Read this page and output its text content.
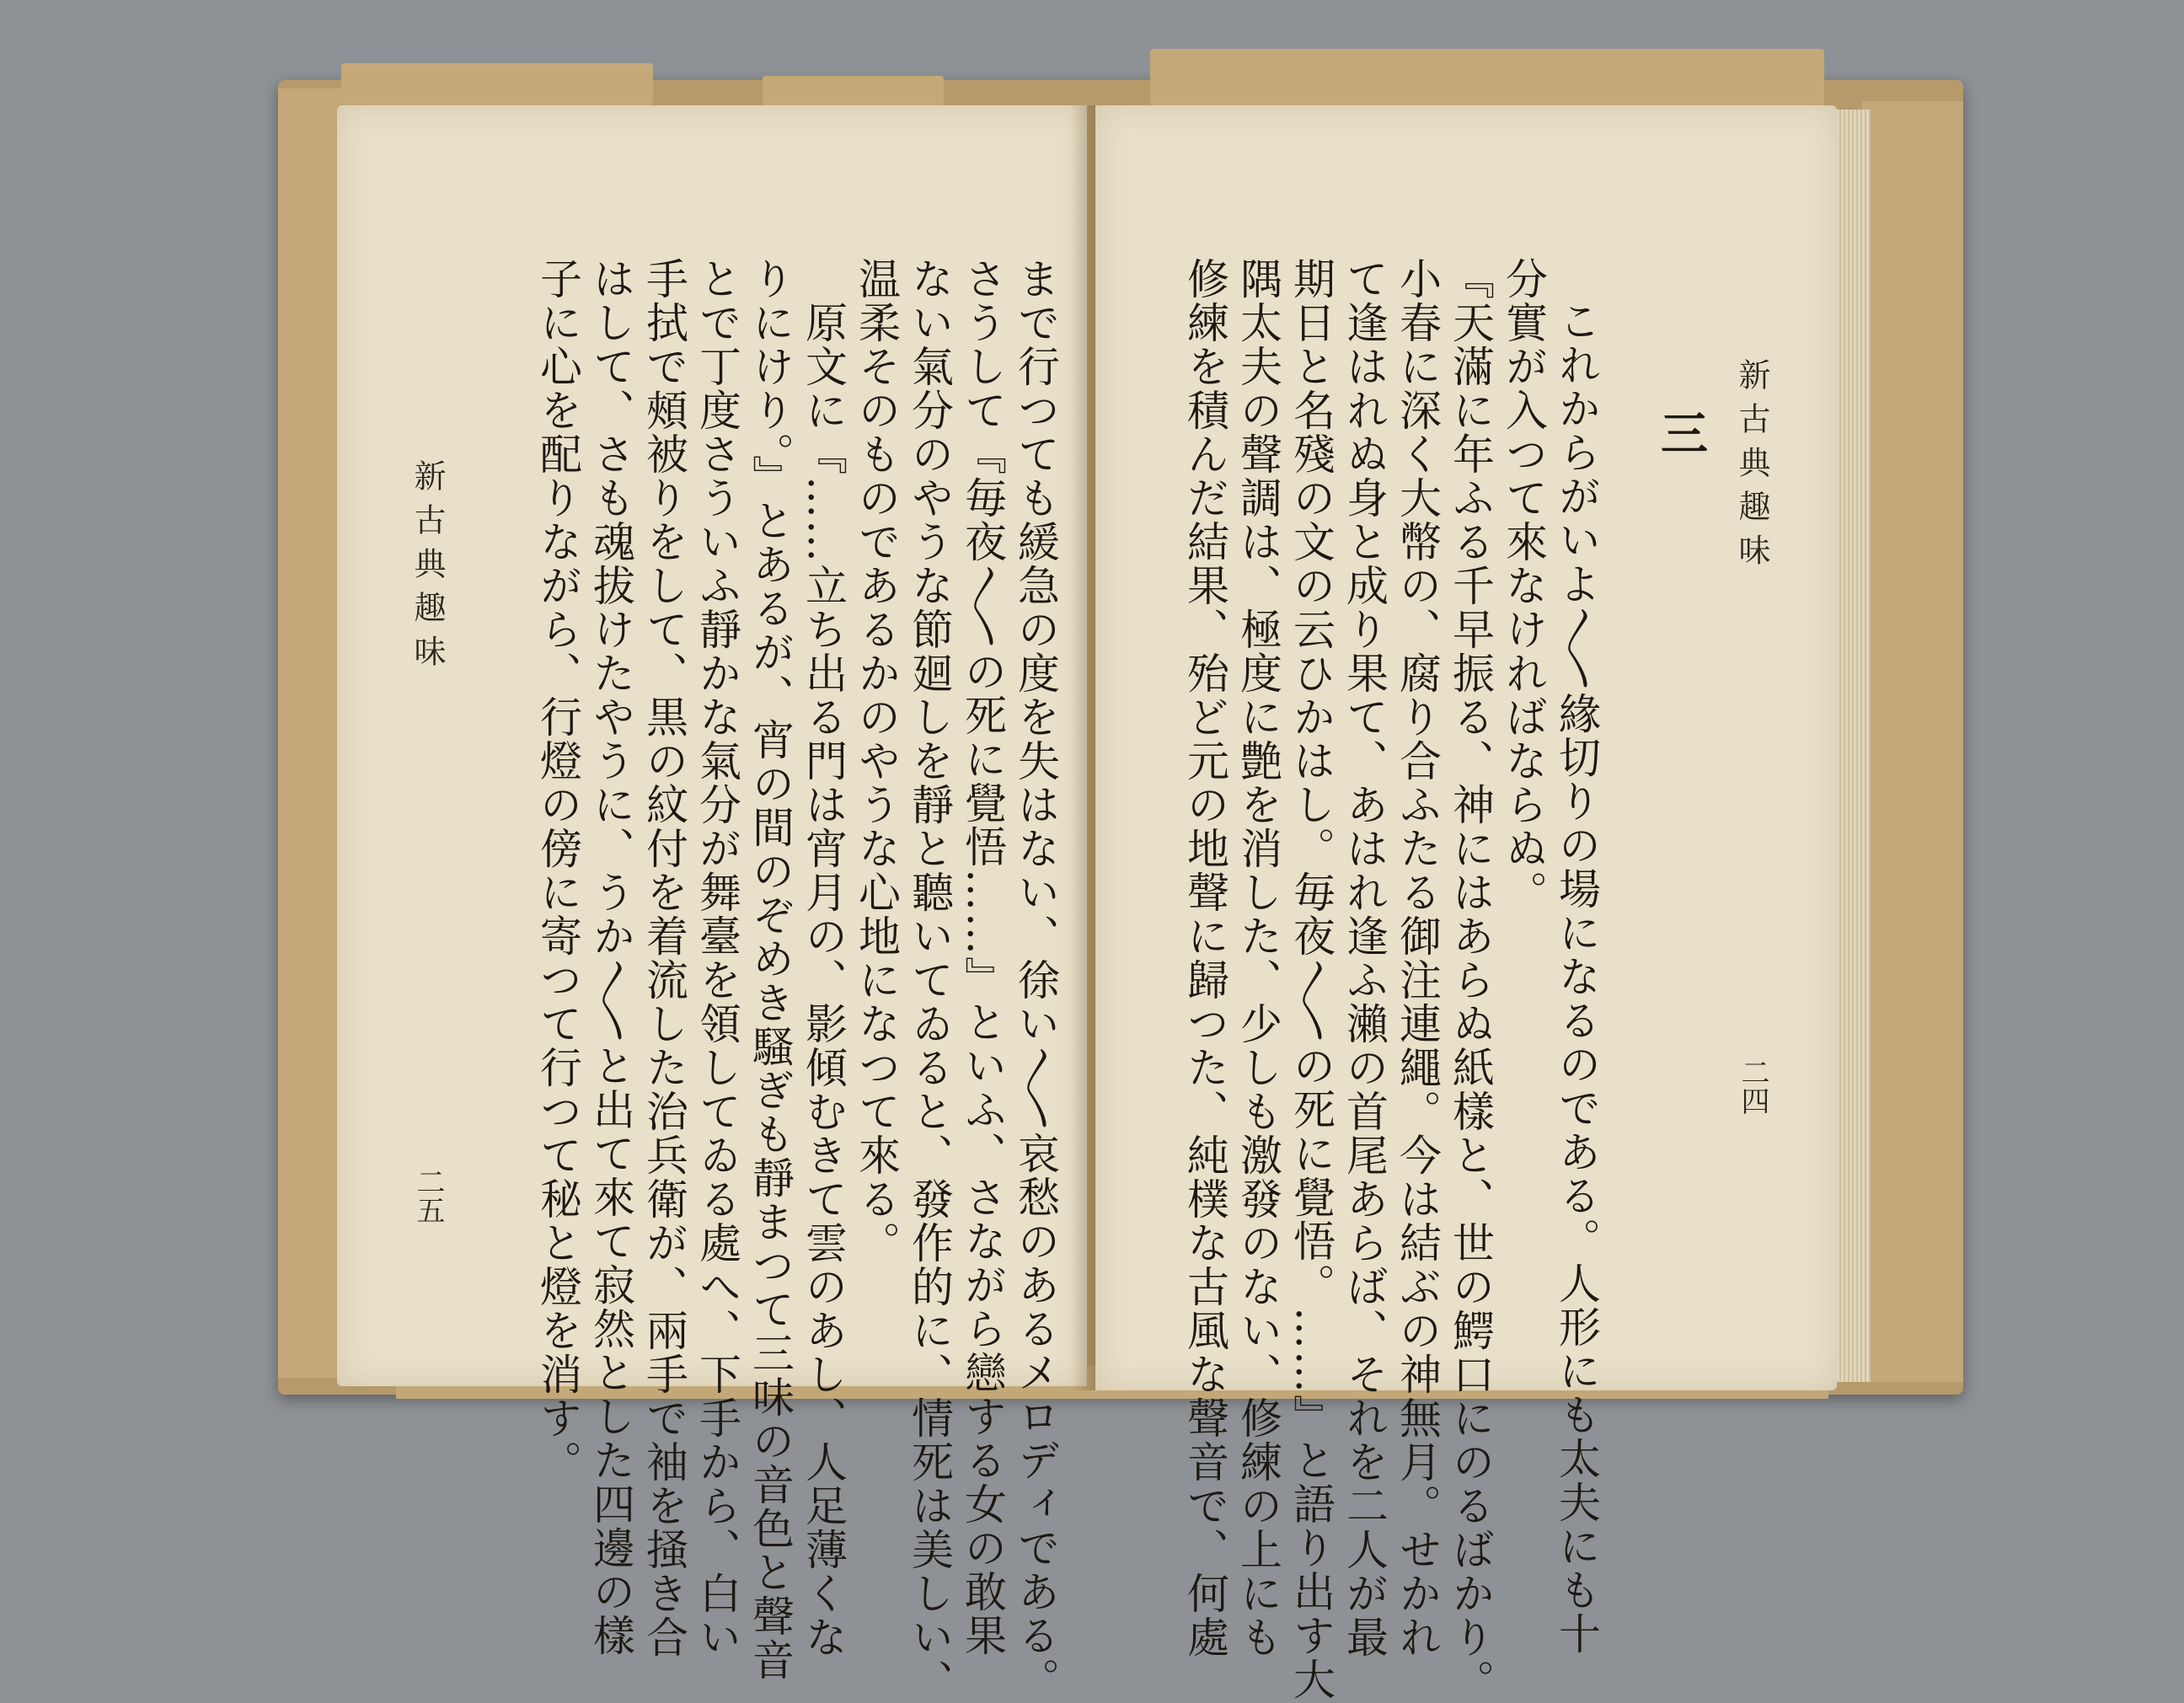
新古典趣味
二五	まで行つても緩急の度を失はない、徐い〳〵哀愁のあるメロディである。
さうして『毎夜〳〵の死に覺悟……』といふ、さながら戀する女の敢果
ない氣分のやうな節廻しを靜と聽いてゐると、發作的に、情死は美しい、
温柔そのものであるかのやうな心地になつて來る。
原文に『……立ち出る門は宵月の、影傾むきて雲のあし、人足薄くな
りにけり。』とあるが、宵の間のぞめき騷ぎも靜まつて三味の音色と聲音
とで丁度さういふ靜かな氣分が舞臺を領してゐる處へ、下手から、白い
手拭で頰被りをして、黒の紋付を着流した治兵衛が、兩手で袖を掻き合
はして、さも魂拔けたやうに、うか〳〵と出て來て寂然とした四邊の樣
子に心を配りながら、行燈の傍に寄つて行つて秘と燈を消す。	新古典趣味
二四
三
これからがいよ〳〵緣切りの場になるのである。人形にも太夫にも十
分實が入つて來なければならぬ。
『天滿に年ふる千早振る、神にはあらぬ紙樣と、世の鰐口にのるばかり。
小春に深く大幣の、腐り合ふたる御注連繩。今は結ぶの神無月。せかれ
て逢はれぬ身と成り果て、あはれ逢ふ瀨の首尾あらば、それを二人が最
期日と名殘の文の云ひかはし。毎夜〳〵の死に覺悟。……』と語り出す大
隅太夫の聲調は、極度に艶を消した、少しも激發のない、修練の上にも
修練を積んだ結果、殆ど元の地聲に歸つた、純樸な古風な聲音で、何處
